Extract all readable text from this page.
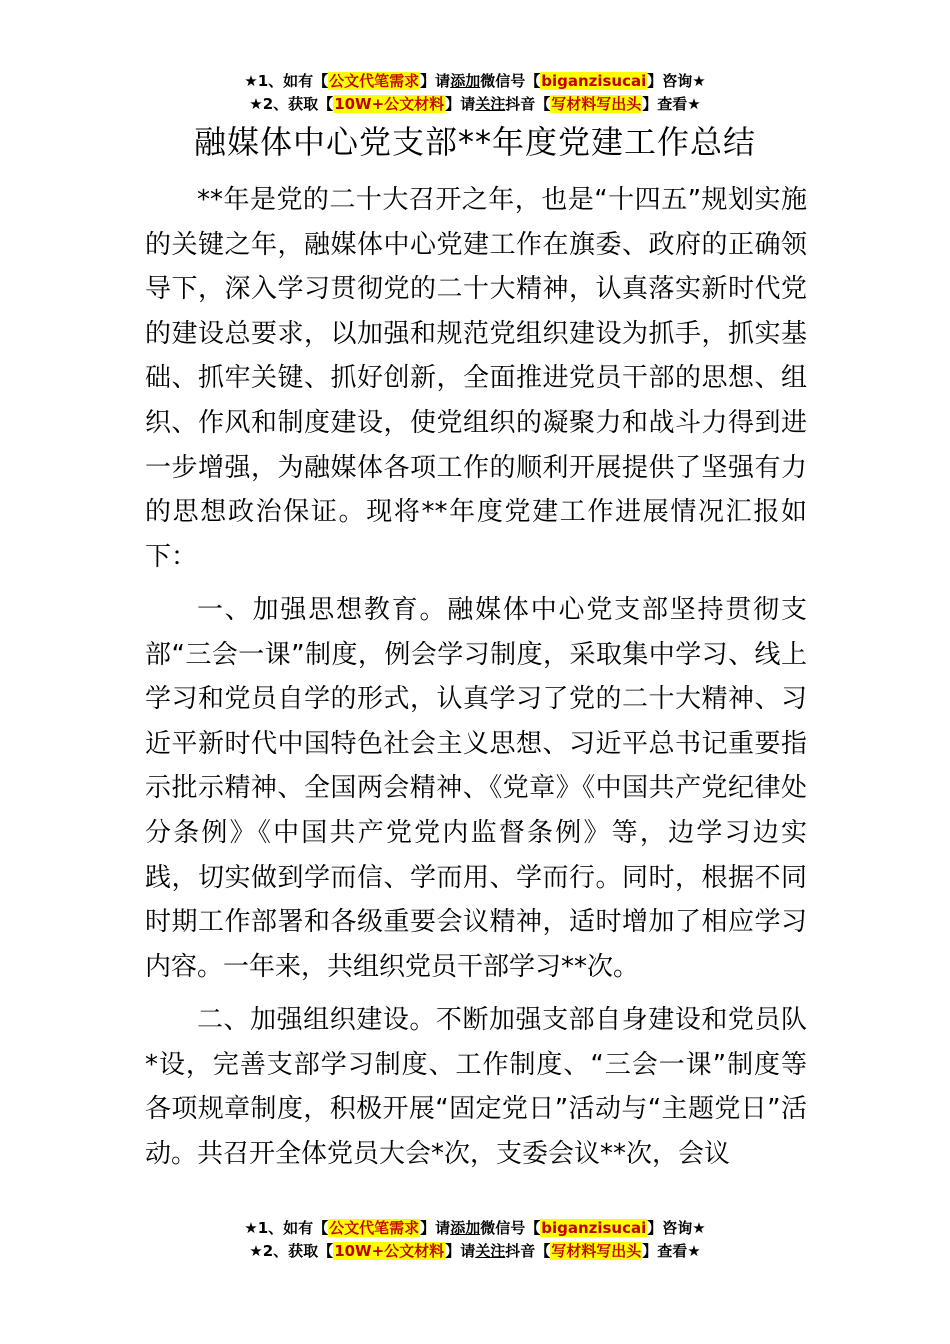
★1、如有【公文代笔需求】请添加微信号【biganzisucai】咨询★
★2、获取【10W+公文材料】请关注抖音【写材料写出头】查看★
融媒体中心党支部**年度党建工作总结

**年是党的二十大召开之年，也是“十四五”规划实施的关键之年，融媒体中心党建工作在旗委、政府的正确领导下，深入学习贯彻党的二十大精神，认真落实新时代党的建设总要求，以加强和规范党组织建设为抓手，抓实基础、抓牢关键、抓好创新，全面推进党员干部的思想、组织、作风和制度建设，使党组织的凝聚力和战斗力得到进一步增强，为融媒体各项工作的顺利开展提供了坚强有力的思想政治保证。现将**年度党建工作进展情况汇报如下：

一、加强思想教育。融媒体中心党支部坚持贯彻支部“三会一课”制度，例会学习制度，采取集中学习、线上学习和党员自学的形式，认真学习了党的二十大精神、习近平新时代中国特色社会主义思想、习近平总书记重要指示批示精神、全国两会精神、《党章》《中国共产党纪律处分条例》《中国共产党党内监督条例》等，边学习边实践，切实做到学而信、学而用、学而行。同时，根据不同时期工作部署和各级重要会议精神，适时增加了相应学习内容。一年来，共组织党员干部学习**次。

二、加强组织建设。不断加强支部自身建设和党员队*设，完善支部学习制度、工作制度、“三会一课”制度等各项规章制度，积极开展“固定党日”活动与“主题党日”活动。共召开全体党员大会*次，支委会议**次，会议

★1、如有【公文代笔需求】请添加微信号【biganzisucai】咨询★
★2、获取【10W+公文材料】请关注抖音【写材料写出头】查看★
